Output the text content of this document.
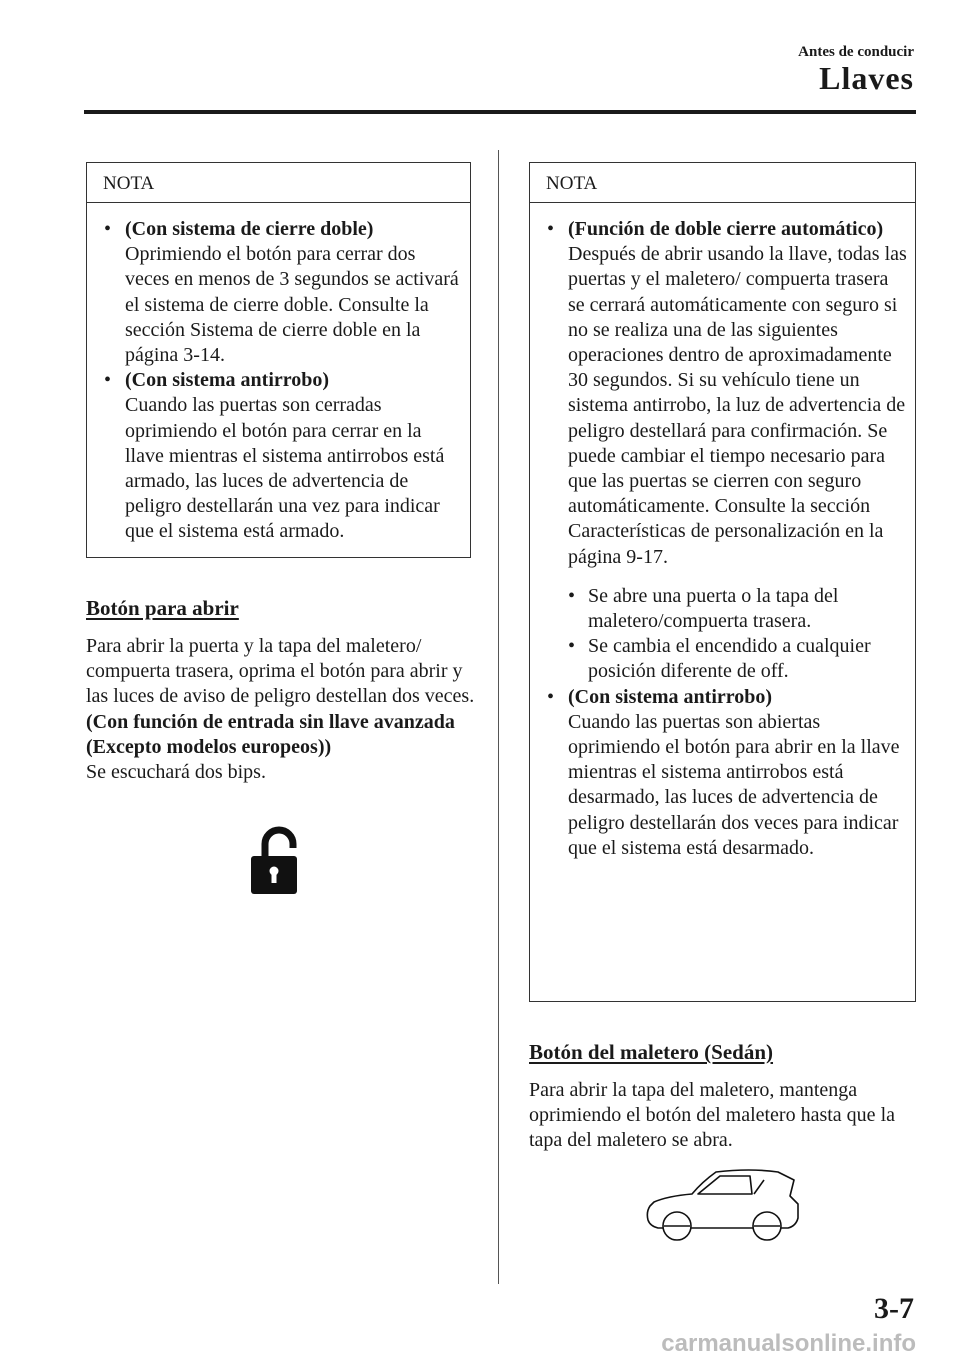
Antes de conducir
Llaves
NOTA
• (Con sistema de cierre doble)
Oprimiendo el botón para cerrar dos veces en menos de 3 segundos se activará el sistema de cierre doble. Consulte la sección Sistema de cierre doble en la página 3-14.
• (Con sistema antirrobo)
Cuando las puertas son cerradas oprimiendo el botón para cerrar en la llave mientras el sistema antirrobos está armado, las luces de advertencia de peligro destellarán una vez para indicar que el sistema está armado.
Botón para abrir
Para abrir la puerta y la tapa del maletero/ compuerta trasera, oprima el botón para abrir y las luces de aviso de peligro destellan dos veces.
(Con función de entrada sin llave avanzada (Excepto modelos europeos))
Se escuchará dos bips.
NOTA
• (Función de doble cierre automático)
Después de abrir usando la llave, todas las puertas y el maletero/ compuerta trasera se cerrará automáticamente con seguro si no se realiza una de las siguientes operaciones dentro de aproximadamente 30 segundos. Si su vehículo tiene un sistema antirrobo, la luz de advertencia de peligro destellará para confirmación. Se puede cambiar el tiempo necesario para que las puertas se cierren con seguro automáticamente. Consulte la sección Características de personalización en la página 9-17.
• Se abre una puerta o la tapa del maletero/compuerta trasera.
• Se cambia el encendido a cualquier posición diferente de off.
• (Con sistema antirrobo)
Cuando las puertas son abiertas oprimiendo el botón para abrir en la llave mientras el sistema antirrobos está desarmado, las luces de advertencia de peligro destellarán dos veces para indicar que el sistema está desarmado.
Botón del maletero (Sedán)
Para abrir la tapa del maletero, mantenga oprimiendo el botón del maletero hasta que la tapa del maletero se abra.
3-7
carmanualsonline.info
